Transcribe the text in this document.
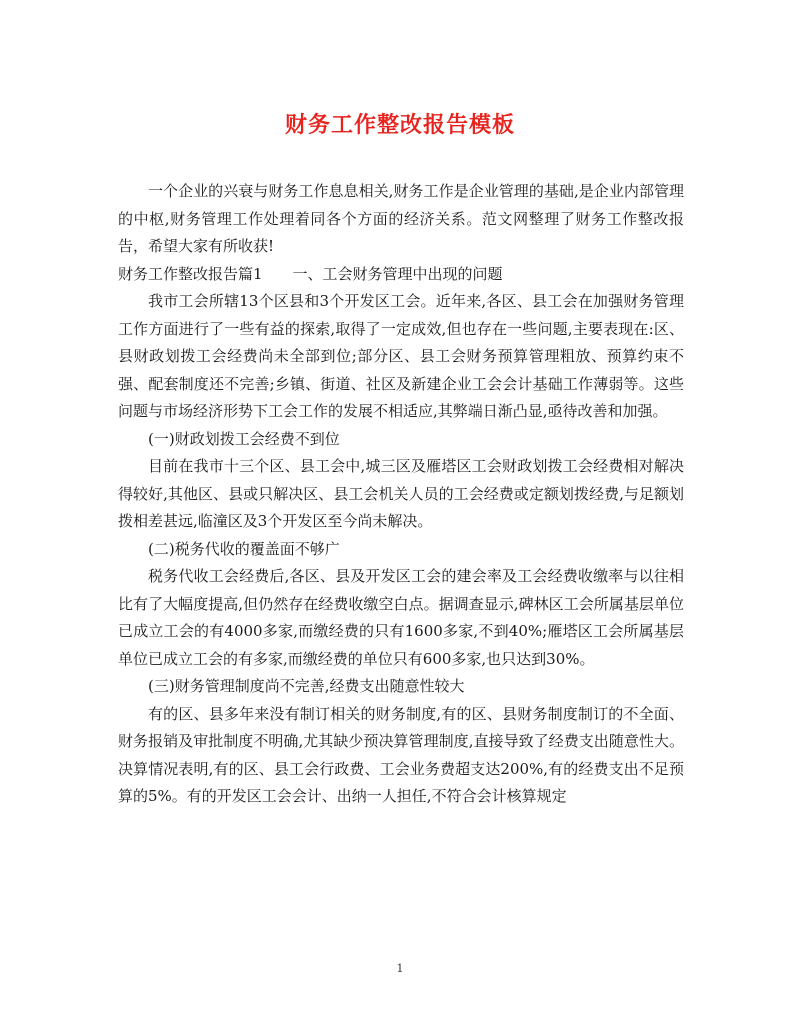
财务工作整改报告模板

一个企业的兴衰与财务工作息息相关,财务工作是企业管理的基础,是企业内部管理的中枢,财务管理工作处理着同各个方面的经济关系。范文网整理了财务工作整改报告，希望大家有所收获!

财务工作整改报告篇1　　一、工会财务管理中出现的问题

我市工会所辖13个区县和3个开发区工会。近年来,各区、县工会在加强财务管理工作方面进行了一些有益的探索,取得了一定成效,但也存在一些问题,主要表现在:区、县财政划拨工会经费尚未全部到位;部分区、县工会财务预算管理粗放、预算约束不强、配套制度还不完善;乡镇、街道、社区及新建企业工会会计基础工作薄弱等。这些问题与市场经济形势下工会工作的发展不相适应,其弊端日渐凸显,亟待改善和加强。

(一)财政划拨工会经费不到位

目前在我市十三个区、县工会中,城三区及雁塔区工会财政划拨工会经费相对解决得较好,其他区、县或只解决区、县工会机关人员的工会经费或定额划拨经费,与足额划拨相差甚远,临潼区及3个开发区至今尚未解决。

(二)税务代收的覆盖面不够广

税务代收工会经费后,各区、县及开发区工会的建会率及工会经费收缴率与以往相比有了大幅度提高,但仍然存在经费收缴空白点。据调查显示,碑林区工会所属基层单位已成立工会的有4000多家,而缴经费的只有1600多家,不到40%;雁塔区工会所属基层单位已成立工会的有多家,而缴经费的单位只有600多家,也只达到30%。

(三)财务管理制度尚不完善,经费支出随意性较大

有的区、县多年来没有制订相关的财务制度,有的区、县财务制度制订的不全面、财务报销及审批制度不明确,尤其缺少预决算管理制度,直接导致了经费支出随意性大。决算情况表明,有的区、县工会行政费、工会业务费超支达200%,有的经费支出不足预算的5%。有的开发区工会会计、出纳一人担任,不符合会计核算规定

1
